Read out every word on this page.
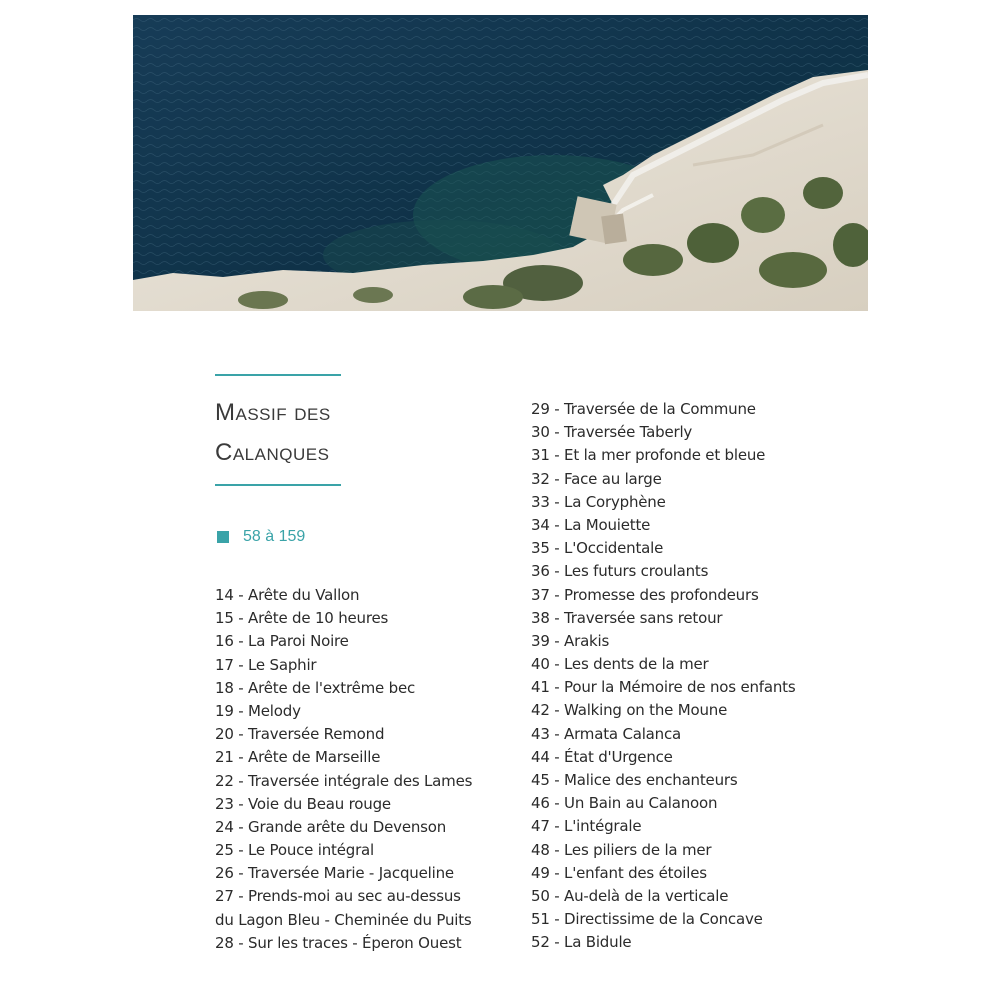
Massif des
Calanques
58 à 159
14 - Arête du Vallon
15 - Arête de 10 heures
16 - La Paroi Noire
17 - Le Saphir
18 - Arête de l'extrême bec
19 - Melody
20 - Traversée Remond
21 - Arête de Marseille
22 - Traversée intégrale des Lames
23 - Voie du Beau rouge
24 - Grande arête du Devenson
25 - Le Pouce intégral
26 - Traversée Marie - Jacqueline
27 - Prends-moi au sec au-dessus
du Lagon Bleu - Cheminée du Puits
28 - Sur les traces - Éperon Ouest
29 - Traversée de la Commune
30 - Traversée Taberly
31 - Et la mer profonde et bleue
32 - Face au large
33 - La Coryphène
34 - La Mouiette
35 - L'Occidentale
36 - Les futurs croulants
37 - Promesse des profondeurs
38 - Traversée sans retour
39 - Arakis
40 - Les dents de la mer
41 - Pour la Mémoire de nos enfants
42 - Walking on the Moune
43 - Armata Calanca
44 - État d'Urgence
45 - Malice des enchanteurs
46 - Un Bain au Calanoon
47 - L'intégrale
48 - Les piliers de la mer
49 - L'enfant des étoiles
50 - Au-delà de la verticale
51 - Directissime de la Concave
52 - La Bidule
